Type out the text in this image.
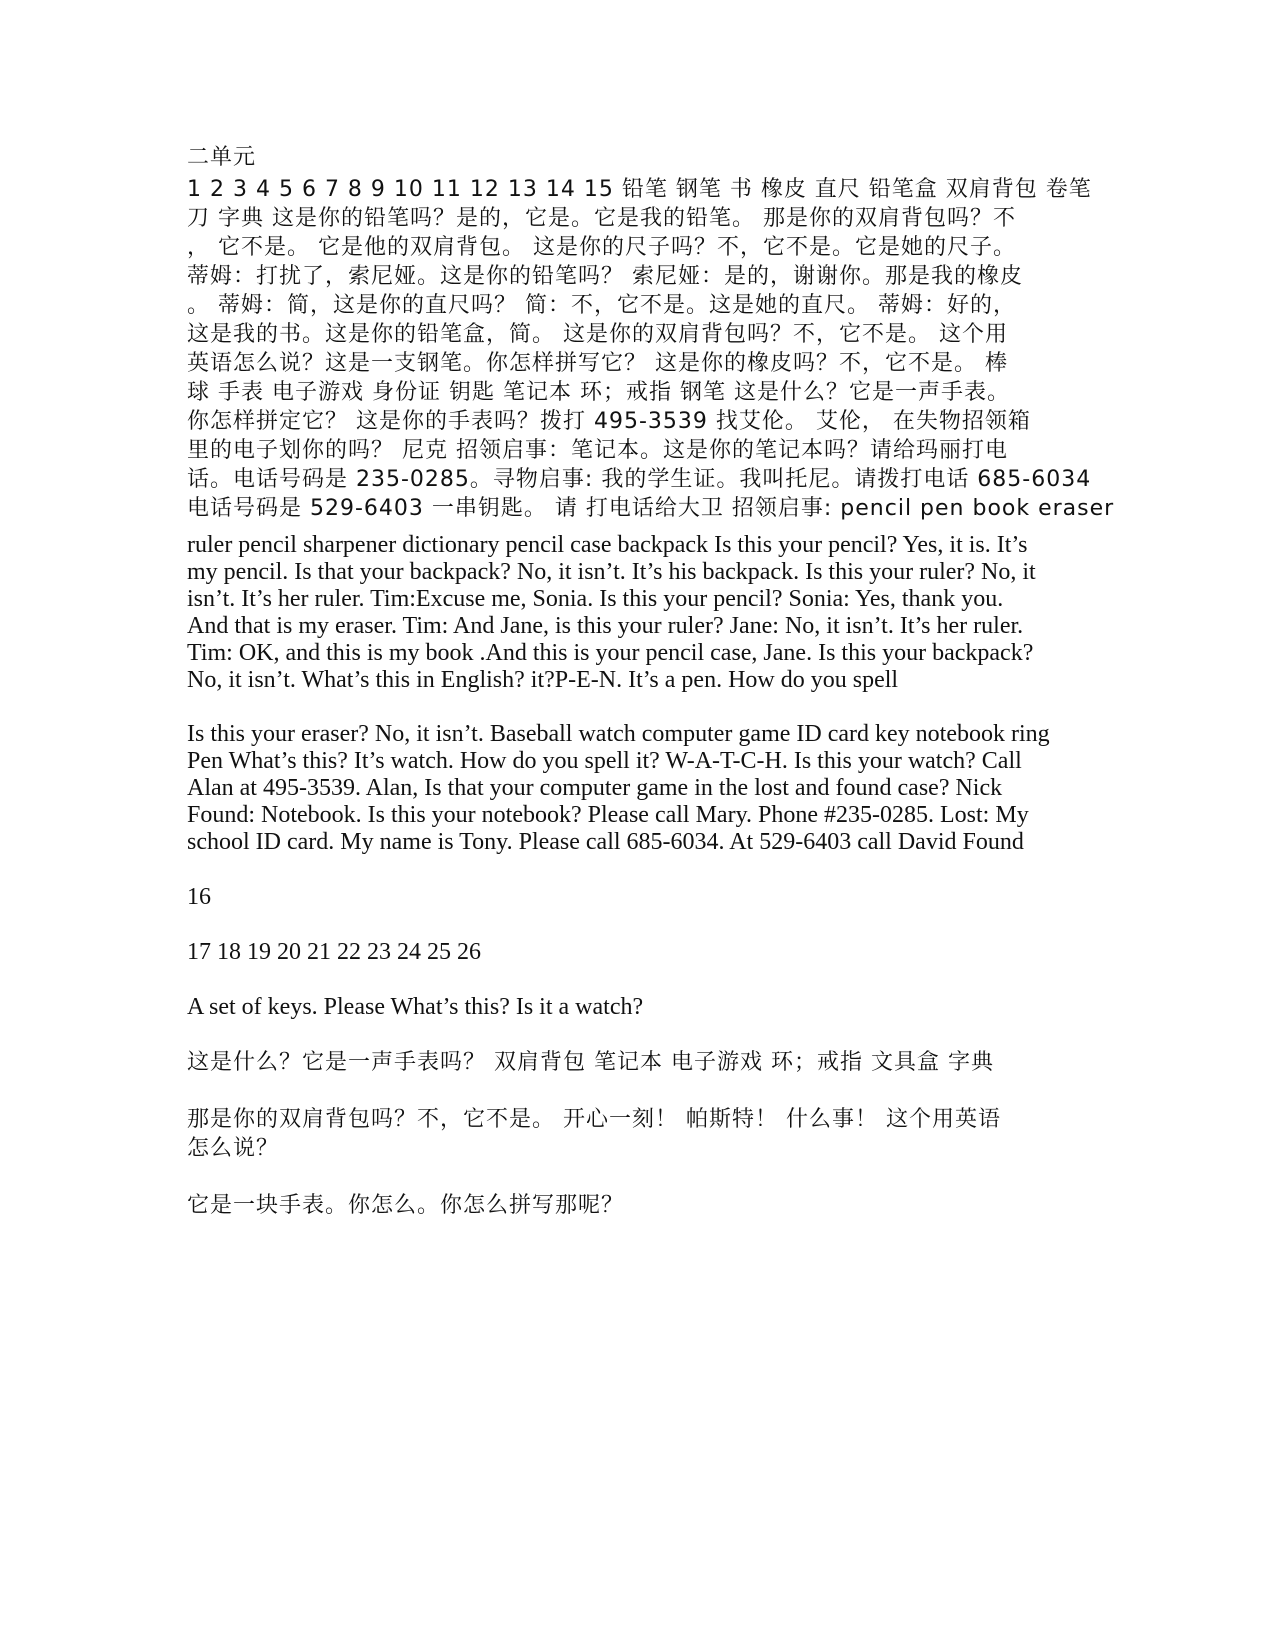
二单元

1 2 3 4 5 6 7 8 9 10 11 12 13 14 15 铅笔 钢笔 书 橡皮 直尺 铅笔盒 双肩背包 卷笔

刀 字典 这是你的铅笔吗？是的，它是。它是我的铅笔。 那是你的双肩背包吗？不

， 它不是。 它是他的双肩背包。 这是你的尺子吗？不，它不是。它是她的尺子。

蒂姆：打扰了，索尼娅。这是你的铅笔吗？ 索尼娅：是的，谢谢你。那是我的橡皮

。 蒂姆：简，这是你的直尺吗？ 简：不，它不是。这是她的直尺。 蒂姆：好的，

这是我的书。这是你的铅笔盒，简。 这是你的双肩背包吗？不，它不是。 这个用

英语怎么说？这是一支钢笔。你怎样拼写它？ 这是你的橡皮吗？不，它不是。 棒

球 手表 电子游戏 身份证 钥匙 笔记本 环；戒指 钢笔 这是什么？它是一声手表。

你怎样拼定它？ 这是你的手表吗？拨打 495-3539 找艾伦。 艾伦， 在失物招领箱

里的电子划你的吗？ 尼克 招领启事：笔记本。这是你的笔记本吗？请给玛丽打电

话。电话号码是 235-0285。寻物启事: 我的学生证。我叫托尼。请拨打电话 685-6034

电话号码是 529-6403 一串钥匙。 请 打电话给大卫 招领启事: pencil pen book eraser

ruler pencil sharpener dictionary pencil case backpack Is this your pencil? Yes, it is. It’s

my pencil. Is that your backpack? No, it isn’t. It’s his backpack. Is this your ruler? No, it

isn’t. It’s her ruler. Tim:Excuse me, Sonia. Is this your pencil? Sonia: Yes, thank you.

And that is my eraser. Tim: And Jane, is this your ruler? Jane: No, it isn’t. It’s her ruler.

Tim: OK, and this is my book .And this is your pencil case, Jane. Is this your backpack?

No, it isn’t. What’s this in English? it?P-E-N. It’s a pen. How do you spell

Is this your eraser? No, it isn’t. Baseball watch computer game ID card key notebook ring

Pen What’s this? It’s watch. How do you spell it? W-A-T-C-H. Is this your watch? Call

Alan at 495-3539. Alan, Is that your computer game in the lost and found case? Nick

Found: Notebook. Is this your notebook? Please call Mary. Phone #235-0285. Lost: My

school ID card. My name is Tony. Please call 685-6034. At 529-6403 call David Found

16

17 18 19 20 21 22 23 24 25 26

A set of keys. Please What’s this? Is it a watch?

这是什么？它是一声手表吗？ 双肩背包 笔记本 电子游戏 环；戒指 文具盒 字典

那是你的双肩背包吗？不，它不是。 开心一刻！ 帕斯特！ 什么事！ 这个用英语

怎么说？

它是一块手表。你怎么。你怎么拼写那呢？
